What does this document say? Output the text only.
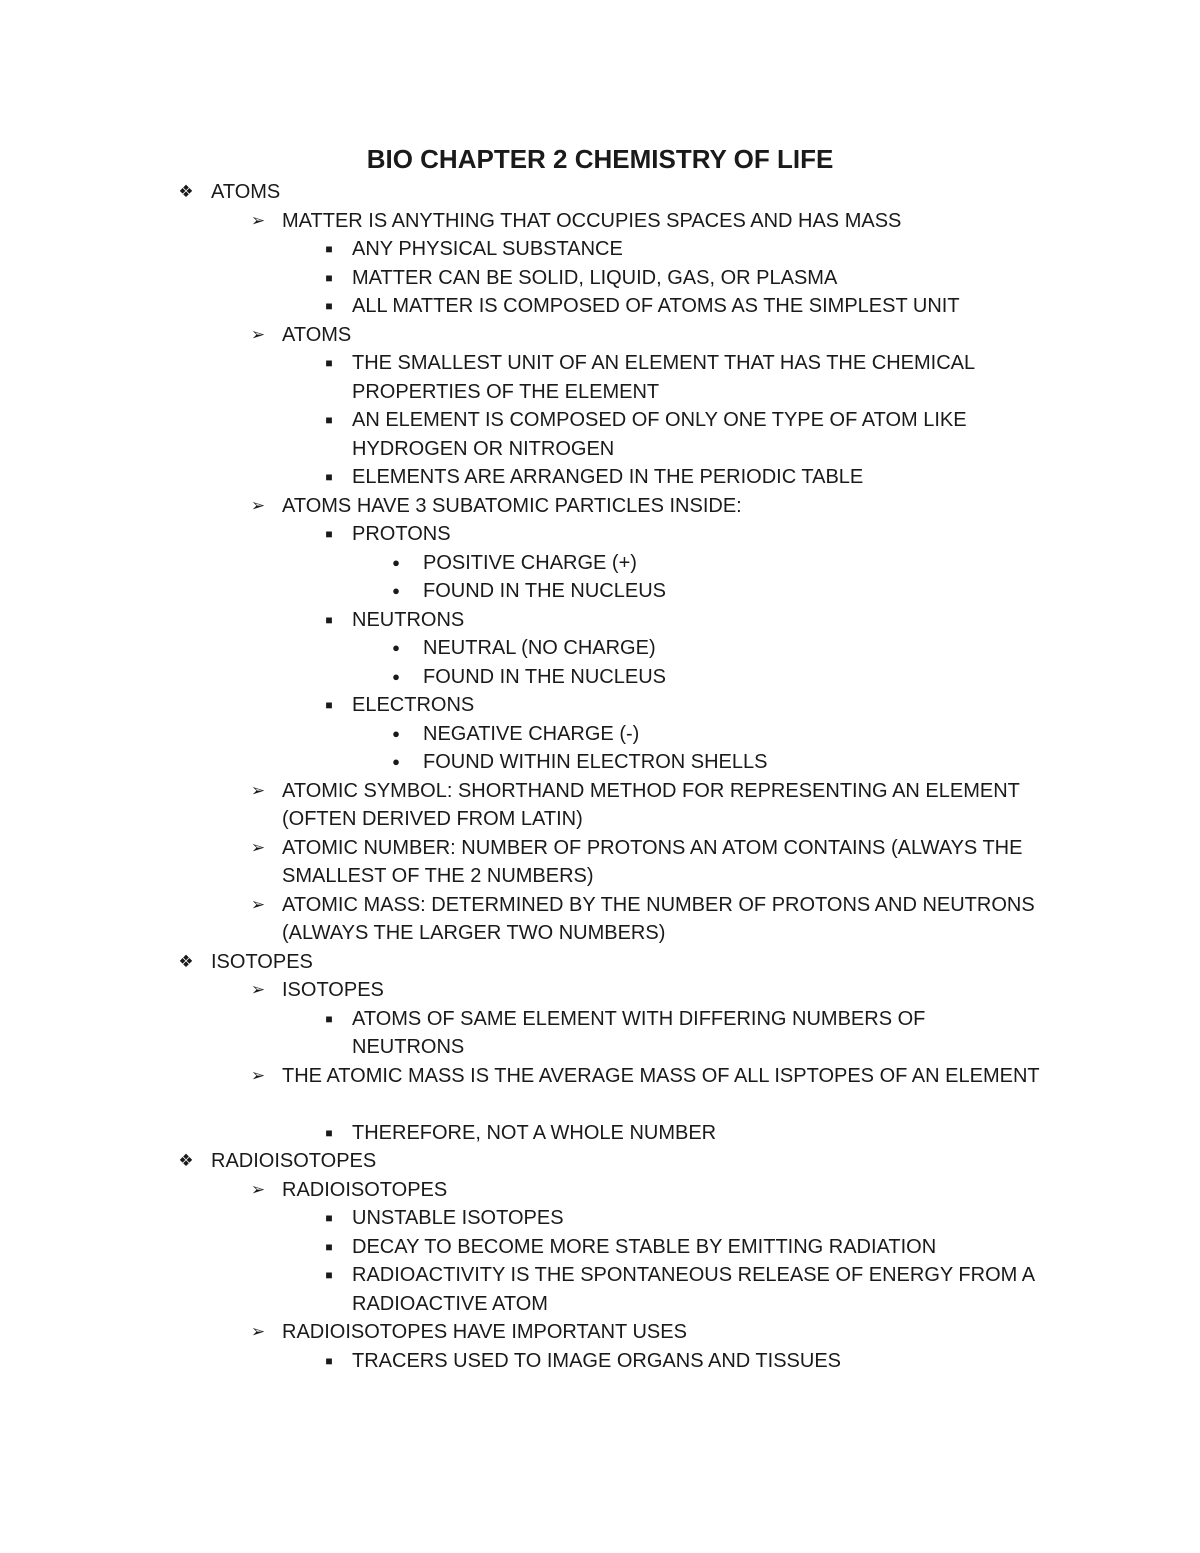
BIO CHAPTER 2 CHEMISTRY OF LIFE
❖ ATOMS
➢ MATTER IS ANYTHING THAT OCCUPIES SPACES AND HAS MASS
■ ANY PHYSICAL SUBSTANCE
■ MATTER CAN BE SOLID, LIQUID, GAS, OR PLASMA
■ ALL MATTER IS COMPOSED OF ATOMS AS THE SIMPLEST UNIT
➢ ATOMS
■ THE SMALLEST UNIT OF AN ELEMENT THAT HAS THE CHEMICAL PROPERTIES OF THE ELEMENT
■ AN ELEMENT IS COMPOSED OF ONLY ONE TYPE OF ATOM LIKE HYDROGEN OR NITROGEN
■ ELEMENTS ARE ARRANGED IN THE PERIODIC TABLE
➢ ATOMS HAVE 3 SUBATOMIC PARTICLES INSIDE:
■ PROTONS
●	POSITIVE CHARGE (+)
●	FOUND IN THE NUCLEUS
■ NEUTRONS
●	NEUTRAL (NO CHARGE)
●	FOUND IN THE NUCLEUS
■ ELECTRONS
●	NEGATIVE CHARGE (-)
●	FOUND WITHIN ELECTRON SHELLS
➢ ATOMIC SYMBOL: SHORTHAND METHOD FOR REPRESENTING AN ELEMENT (OFTEN DERIVED FROM LATIN)
➢ ATOMIC NUMBER: NUMBER OF PROTONS AN ATOM CONTAINS (ALWAYS THE SMALLEST OF THE 2 NUMBERS)
➢ ATOMIC MASS: DETERMINED BY THE NUMBER OF PROTONS AND NEUTRONS (ALWAYS THE LARGER TWO NUMBERS)
❖ ISOTOPES
➢ ISOTOPES
■ ATOMS OF SAME ELEMENT WITH DIFFERING NUMBERS OF NEUTRONS
➢ THE ATOMIC MASS IS THE AVERAGE MASS OF ALL ISPTOPES OF AN ELEMENT
■ THEREFORE, NOT A WHOLE NUMBER
❖ RADIOISOTOPES
➢ RADIOISOTOPES
■ UNSTABLE ISOTOPES
■ DECAY TO BECOME MORE STABLE BY EMITTING RADIATION
■ RADIOACTIVITY IS THE SPONTANEOUS RELEASE OF ENERGY FROM A RADIOACTIVE ATOM
➢ RADIOISOTOPES HAVE IMPORTANT USES
■ TRACERS USED TO IMAGE ORGANS AND TISSUES
